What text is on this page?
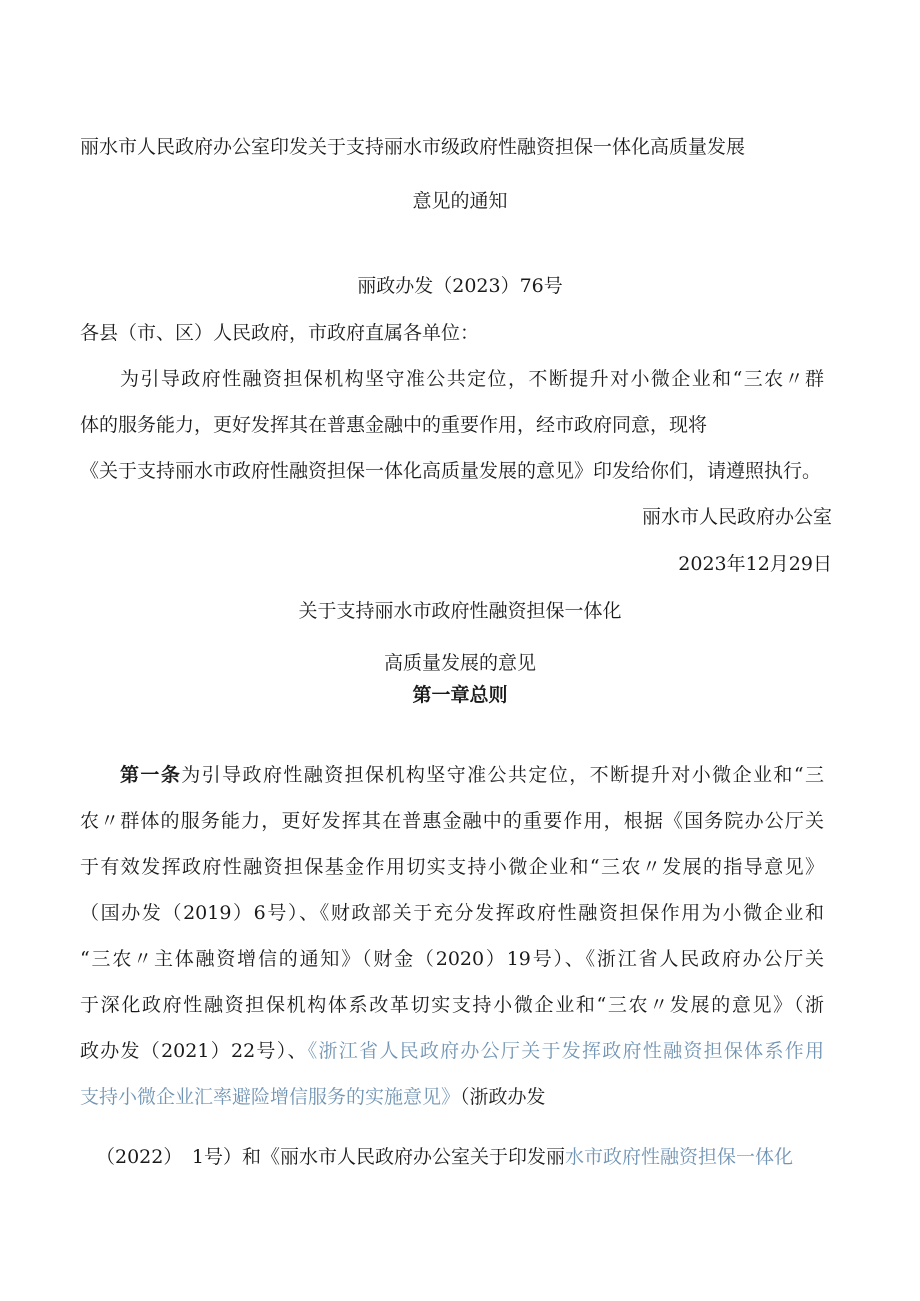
丽水市人民政府办公室印发关于支持丽水市级政府性融资担保一体化高质量发展
意见的通知
丽政办发（2023）76号
各县（市、区）人民政府，市政府直属各单位：
为引导政府性融资担保机构坚守准公共定位，不断提升对小微企业和“三农〃群
体的服务能力，更好发挥其在普惠金融中的重要作用，经市政府同意，现将
《关于支持丽水市政府性融资担保一体化高质量发展的意见》印发给你们，请遵照执行。
丽水市人民政府办公室
2023年12月29日
关于支持丽水市政府性融资担保一体化
高质量发展的意见
第一章总则
第一条为引导政府性融资担保机构坚守准公共定位，不断提升对小微企业和“三
农〃群体的服务能力，更好发挥其在普惠金融中的重要作用，根据《国务院办公厅关
于有效发挥政府性融资担保基金作用切实支持小微企业和“三农〃发展的指导意见》
（国办发（2019）6号）、《财政部关于充分发挥政府性融资担保作用为小微企业和
“三农〃主体融资增信的通知》（财金（2020）19号）、《浙江省人民政府办公厅关
于深化政府性融资担保机构体系改革切实支持小微企业和“三农〃发展的意见》（浙
政办发（2021）22号）、《浙江省人民政府办公厅关于发挥政府性融资担保体系作用
支持小微企业汇率避险增信服务的实施意见》（浙政办发
（2022）　1号）和《丽水市人民政府办公室关于印发丽水市政府性融资担保一体化
